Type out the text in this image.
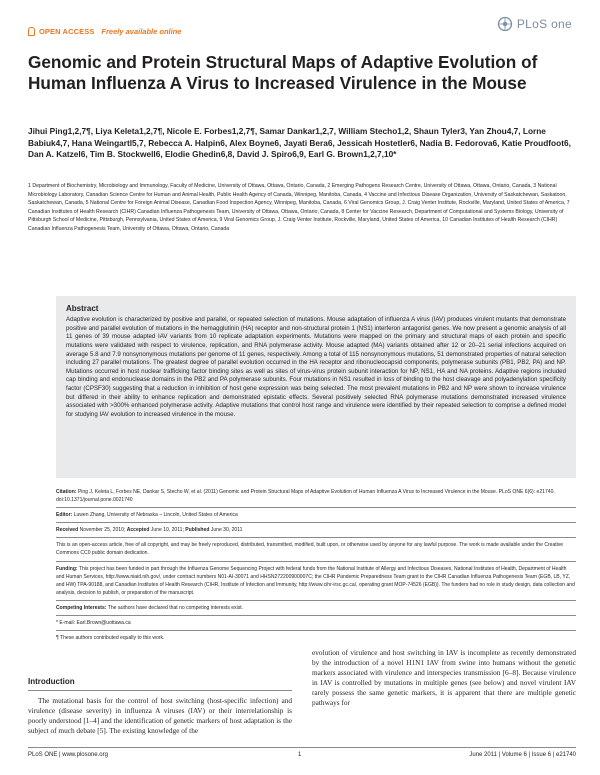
OPEN ACCESS Freely available online	PLoS one
Genomic and Protein Structural Maps of Adaptive Evolution of Human Influenza A Virus to Increased Virulence in the Mouse

Jihui Ping1,2,7¶, Liya Keleta1,2,7¶, Nicole E. Forbes1,2,7¶, Samar Dankar1,2,7, William Stecho1,2, Shaun Tyler3, Yan Zhou4,7, Lorne Babiuk4,7, Hana Weingartl5,7, Rebecca A. Halpin6, Alex Boyne6, Jayati Bera6, Jessicah Hostetler6, Nadia B. Fedorova6, Katie Proudfoot6, Dan A. Katzel6, Tim B. Stockwell6, Elodie Ghedin6,8, David J. Spiro6,9, Earl G. Brown1,2,7,10*

1 Department of Biochemistry, Microbiology and Immunology, Faculty of Medicine, University of Ottawa, Ottawa, Ontario, Canada, 2 Emerging Pathogens Research Centre, University of Ottawa, Ottawa, Ontario, Canada, 3 National Microbiology Laboratory, Canadian Science Centre for Human and Animal Health, Public Health Agency of Canada, Winnipeg, Manitoba, Canada, 4 Vaccine and Infectious Disease Organization, University of Saskatchewan, Saskatoon, Saskatchewan, Canada, 5 National Centre for Foreign Animal Disease, Canadian Food Inspection Agency, Winnipeg, Manitoba, Canada, 6 Viral Genomics Group, J. Craig Venter Institute, Rockville, Maryland, United States of America, 7 Canadian Institutes of Health Research (CIHR) Canadian Influenza Pathogenesis Team, University of Ottawa, Ottawa, Ontario, Canada, 8 Center for Vaccine Research, Department of Computational and Systems Biology, University of Pittsburgh School of Medicine, Pittsburgh, Pennsylvania, United States of America, 9 Viral Genomics Group, J. Craig Venter Institute, Rockville, Maryland, United States of America, 10 Canadian Institutes of Health Research (CIHR) Canadian Influenza Pathogenesis Team, University of Ottawa, Ottawa, Ontario, Canada

Abstract

Adaptive evolution is characterized by positive and parallel, or repeated selection of mutations. Mouse adaptation of influenza A virus (IAV) produces virulent mutants that demonstrate positive and parallel evolution of mutations in the hemagglutinin (HA) receptor and non-structural protein 1 (NS1) interferon antagonist genes. We now present a genomic analysis of all 11 genes of 39 mouse adapted IAV variants from 10 replicate adaptation experiments. Mutations were mapped on the primary and structural maps of each protein and specific mutations were validated with respect to virulence, replication, and RNA polymerase activity. Mouse adapted (MA) variants obtained after 12 or 20–21 serial infections acquired on average 5.8 and 7.9 nonsynonymous mutations per genome of 11 genes, respectively. Among a total of 115 nonsynonymous mutations, 51 demonstrated properties of natural selection including 27 parallel mutations. The greatest degree of parallel evolution occurred in the HA receptor and ribonucleocapsid components, polymerase subunits (PB1, PB2, PA) and NP. Mutations occurred in host nuclear trafficking factor binding sites as well as sites of virus-virus protein subunit interaction for NP, NS1, HA and NA proteins. Adaptive regions included cap binding and endonuclease domains in the PB2 and PA polymerase subunits. Four mutations in NS1 resulted in loss of binding to the host cleavage and polyadenylation specificity factor (CPSF30) suggesting that a reduction in inhibition of host gene expression was being selected. The most prevalent mutations in PB2 and NP were shown to increase virulence but differed in their ability to enhance replication and demonstrated epistatic effects. Several positively selected RNA polymerase mutations demonstrated increased virulence associated with >300% enhanced polymerase activity. Adaptive mutations that control host range and virulence were identified by their repeated selection to comprise a defined model for studying IAV evolution to increased virulence in the mouse.

Citation: Ping J, Keleta L, Forbes NE, Dankar S, Stecho W, et al. (2011) Genomic and Protein Structural Maps of Adaptive Evolution of Human Influenza A Virus to Increased Virulence in the Mouse. PLoS ONE 6(6): e21740. doi:10.1371/journal.pone.0021740

Editor: Luwen Zhang, University of Nebraska – Lincoln, United States of America

Received November 25, 2010; Accepted June 10, 2011; Published June 30, 2011

This is an open-access article, free of all copyright, and may be freely reproduced, distributed, transmitted, modified, built upon, or otherwise used by anyone for any lawful purpose. The work is made available under the Creative Commons CC0 public domain dedication.

Funding: This project has been funded in part through the Influenza Genome Sequencing Project with federal funds from the National Institute of Allergy and Infectious Diseases, National Institutes of Health, Department of Health and Human Services, http://www.niaid.nih.gov/, under contract numbers N01-AI-30071 and HHSN272200900007C; the CIHR Pandemic Preparedness Team grant to the CIHR Canadian Influenza Pathogenesis Team (EGB, LB, YZ, and HW) TPA-90188, and Canadian Institutes of Health Research (CIHR, Institute of Infection and Immunity, http://www.cihr-irsc.gc.ca/, operating grant MOP-74526 (EGB)). The funders had no role in study design, data collection and analysis, decision to publish, or preparation of the manuscript.

Competing Interests: The authors have declared that no competing interests exist.

* E-mail: Earl.Brown@uottawa.ca

¶ These authors contributed equally to this work.

Introduction

The mutational basis for the control of host switching (host-specific infection) and virulence (disease severity) in influenza A viruses (IAV) or their interrelationship is poorly understood [1–4] and the identification of genetic markers of host adaptation is the subject of much debate [5]. The existing knowledge of the

evolution of virulence and host switching in IAV is incomplete as recently demonstrated by the introduction of a novel H1N1 IAV from swine into humans without the genetic markers associated with virulence and interspecies transmission [6–8]. Because virulence in IAV is controlled by mutations in multiple genes (see below) and novel virulent IAV rarely possess the same genetic markers, it is apparent that there are multiple genetic pathways for

PLoS ONE | www.plosone.org	1	June 2011 | Volume 6 | Issue 6 | e21740
